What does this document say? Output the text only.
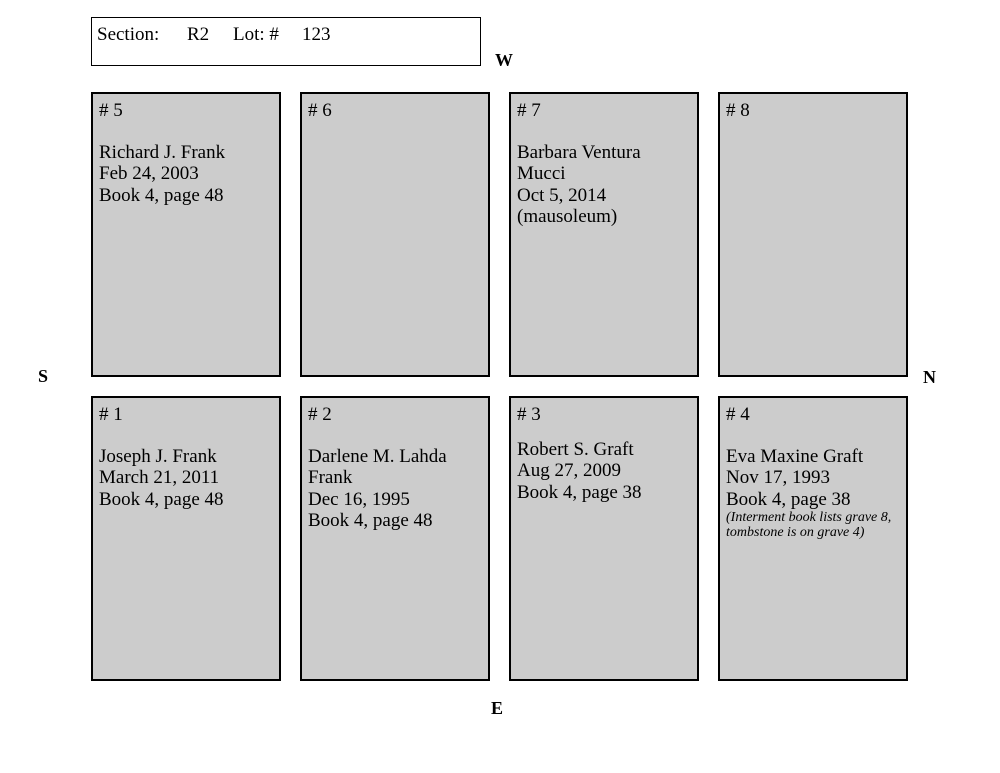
Section: R2 Lot: # 123
W
S	N
E
# 5
Richard J. Frank
Feb 24, 2003
Book 4, page 48
# 6	# 7
Barbara Ventura
Mucci
Oct 5, 2014
(mausoleum)
# 8
# 1
Joseph J. Frank
March 21, 2011
Book 4, page 48
# 2
Darlene M. Lahda
Frank
Dec 16, 1995
Book 4, page 48
# 3
Robert S. Graft
Aug 27, 2009
Book 4, page 38
# 4
Eva Maxine Graft
Nov 17, 1993
Book 4, page 38
(Interment book lists grave 8, tombstone is on grave 4)
